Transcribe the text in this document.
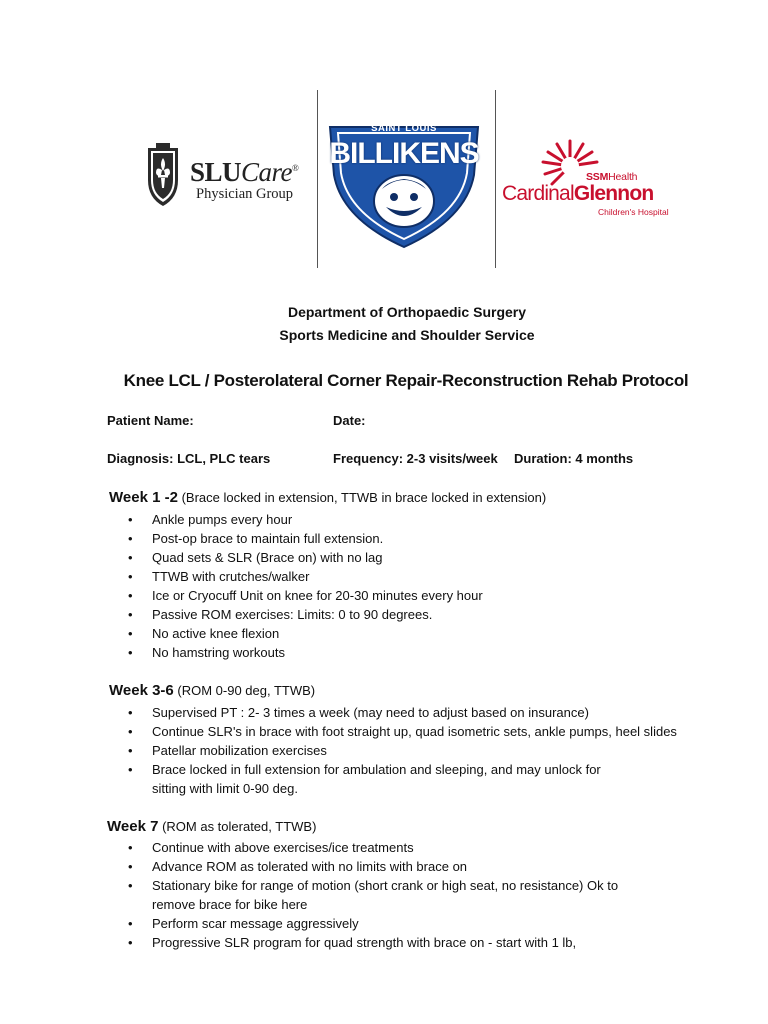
SLUCare®
Physician Group
SAINT LOUIS
BILLIKENS
SSMHealth
CardinalGlennon
Children's Hospital
Department of Orthopaedic Surgery
Sports Medicine and Shoulder Service
Knee LCL / Posterolateral Corner Repair-Reconstruction Rehab Protocol
Patient Name:	Date:
Diagnosis: LCL, PLC tears	Frequency: 2-3 visits/week Duration: 4 months
Week 1 -2 (Brace locked in extension, TTWB in brace locked in extension)
• Ankle pumps every hour
• Post-op brace to maintain full extension.
• Quad sets & SLR (Brace on) with no lag
• TTWB with crutches/walker
• Ice or Cryocuff Unit on knee for 20-30 minutes every hour
• Passive ROM exercises: Limits: 0 to 90 degrees.
• No active knee flexion
• No hamstring workouts
Week 3-6 (ROM 0-90 deg, TTWB)
• Supervised PT : 2- 3 times a week (may need to adjust based on insurance)
• Continue SLR's in brace with foot straight up, quad isometric sets, ankle pumps, heel slides
• Patellar mobilization exercises
• Brace locked in full extension for ambulation and sleeping, and may unlock for
sitting with limit 0-90 deg.
Week 7 (ROM as tolerated, TTWB)
• Continue with above exercises/ice treatments
• Advance ROM as tolerated with no limits with brace on
• Stationary bike for range of motion (short crank or high seat, no resistance) Ok to
remove brace for bike here
• Perform scar message aggressively
• Progressive SLR program for quad strength with brace on - start with 1 lb,
